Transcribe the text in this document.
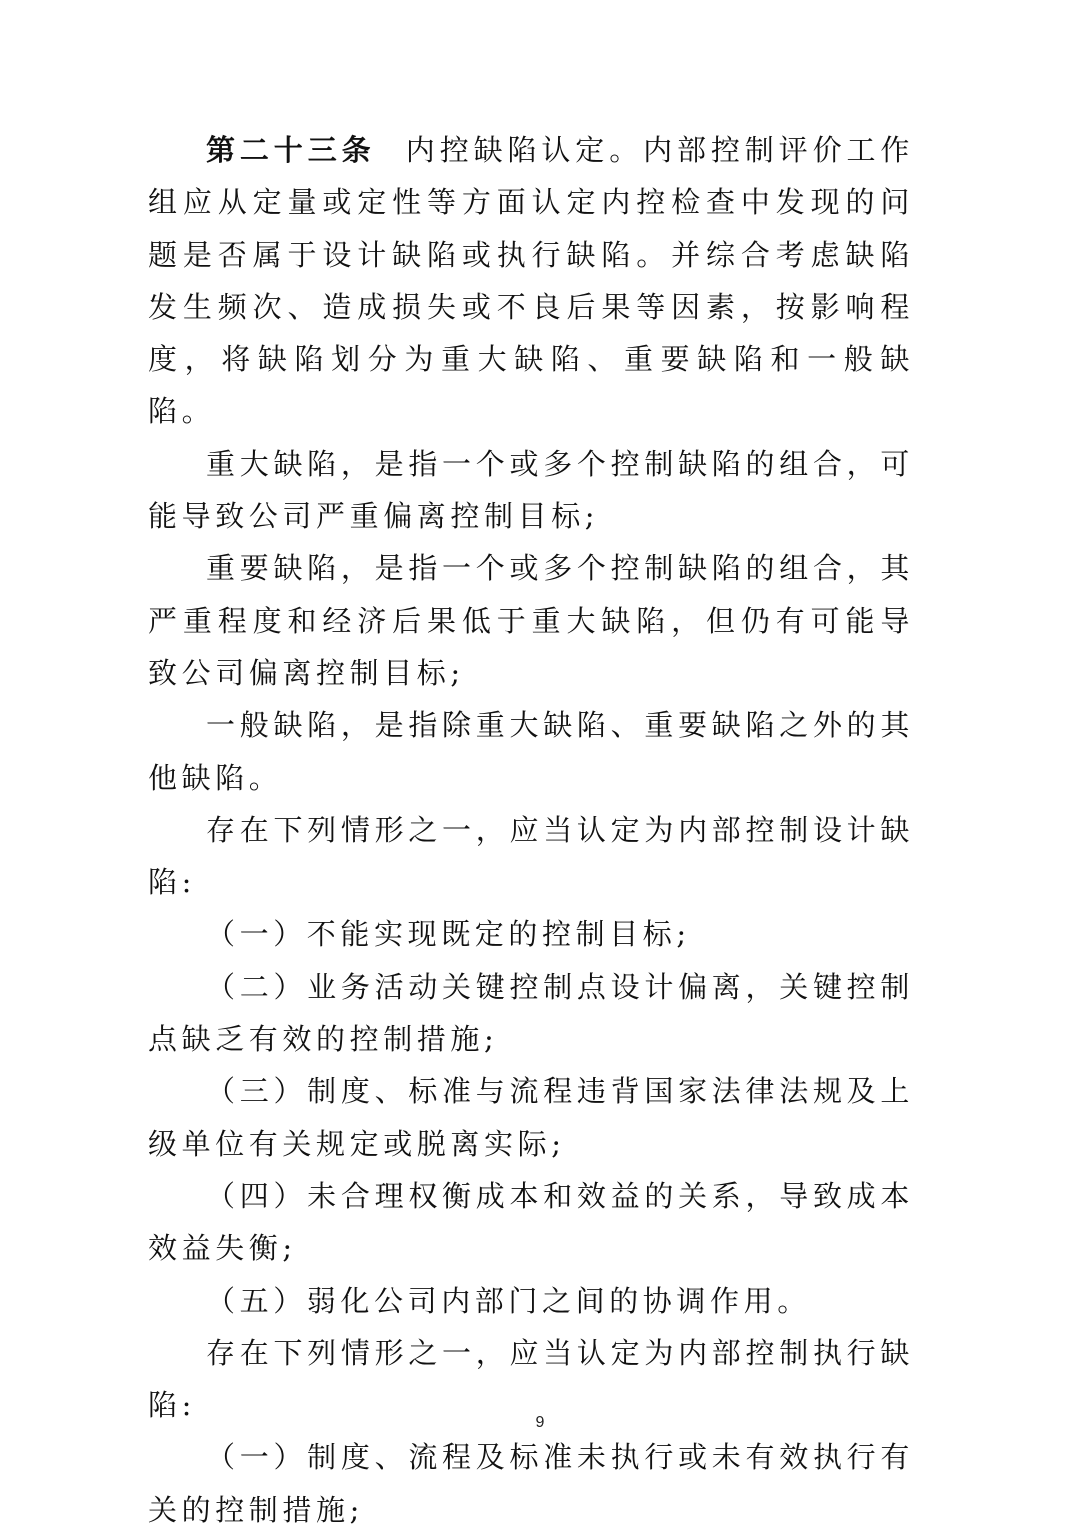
第二十三条 内控缺陷认定。内部控制评价工作组应从定量或定性等方面认定内控检查中发现的问题是否属于设计缺陷或执行缺陷。并综合考虑缺陷发生频次、造成损失或不良后果等因素，按影响程度，将缺陷划分为重大缺陷、重要缺陷和一般缺陷。

重大缺陷，是指一个或多个控制缺陷的组合，可能导致公司严重偏离控制目标;

重要缺陷，是指一个或多个控制缺陷的组合，其严重程度和经济后果低于重大缺陷，但仍有可能导致公司偏离控制目标;

一般缺陷，是指除重大缺陷、重要缺陷之外的其他缺陷。

存在下列情形之一，应当认定为内部控制设计缺陷:

（一）不能实现既定的控制目标;

（二）业务活动关键控制点设计偏离，关键控制点缺乏有效的控制措施;

（三）制度、标准与流程违背国家法律法规及上级单位有关规定或脱离实际;

（四）未合理权衡成本和效益的关系，导致成本效益失衡;

（五）弱化公司内部门之间的协调作用。

存在下列情形之一，应当认定为内部控制执行缺陷:

（一）制度、流程及标准未执行或未有效执行有关的控制措施;

9
